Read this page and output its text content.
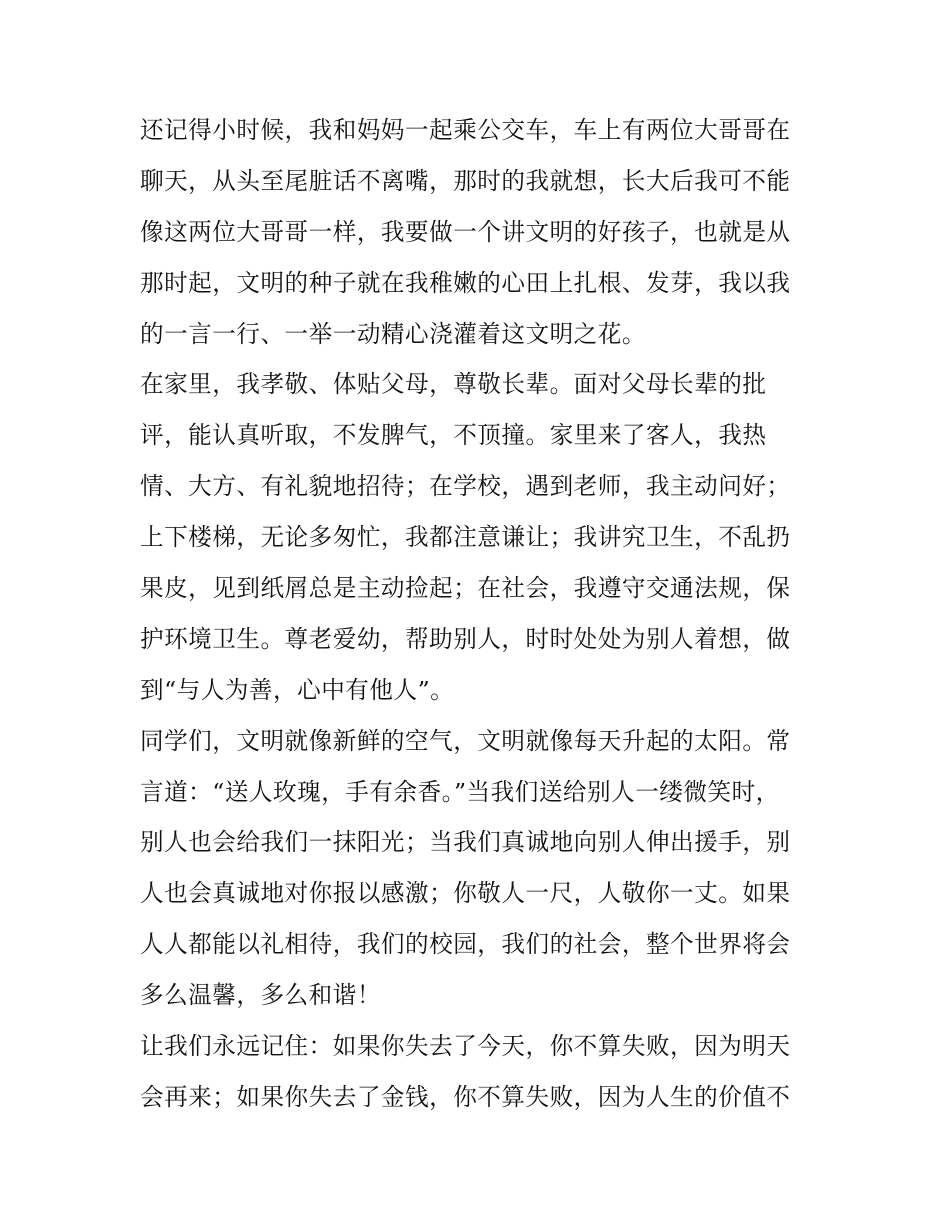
还记得小时候，我和妈妈一起乘公交车，车上有两位大哥哥在
聊天，从头至尾脏话不离嘴，那时的我就想，长大后我可不能
像这两位大哥哥一样，我要做一个讲文明的好孩子，也就是从
那时起，文明的种子就在我稚嫩的心田上扎根、发芽，我以我
的一言一行、一举一动精心浇灌着这文明之花。
在家里，我孝敬、体贴父母，尊敬长辈。面对父母长辈的批
评，能认真听取，不发脾气，不顶撞。家里来了客人，我热
情、大方、有礼貌地招待；在学校，遇到老师，我主动问好；
上下楼梯，无论多匆忙，我都注意谦让；我讲究卫生，不乱扔
果皮，见到纸屑总是主动捡起；在社会，我遵守交通法规，保
护环境卫生。尊老爱幼，帮助别人，时时处处为别人着想，做
到“与人为善，心中有他人”。
同学们，文明就像新鲜的空气，文明就像每天升起的太阳。常
言道：“送人玫瑰，手有余香。”当我们送给别人一缕微笑时，
别人也会给我们一抹阳光；当我们真诚地向别人伸出援手，别
人也会真诚地对你报以感激；你敬人一尺，人敬你一丈。如果
人人都能以礼相待，我们的校园，我们的社会，整个世界将会
多么温馨，多么和谐！
让我们永远记住：如果你失去了今天，你不算失败，因为明天
会再来；如果你失去了金钱，你不算失败，因为人生的价值不
